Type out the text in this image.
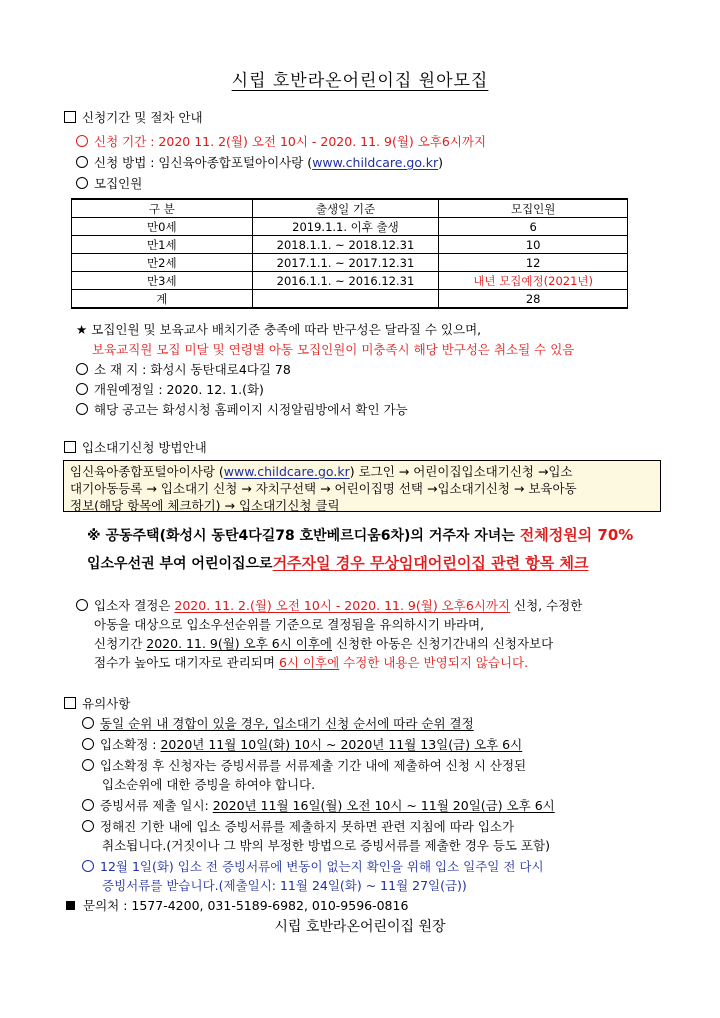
시립 호반라온어린이집 원아모집
신청기간 및 절차 안내
신청 기간 : 2020 11. 2(월) 오전 10시 - 2020. 11. 9(월) 오후6시까지
신청 방법 : 임신육아종합포털아이사랑 (www.childcare.go.kr)
모집인원
구 분	출생일 기준	모집인원
만0세	2019.1.1. 이후 출생	6
만1세	2018.1.1. ~ 2018.12.31	10
만2세	2017.1.1. ~ 2017.12.31	12
만3세	2016.1.1. ~ 2016.12.31	내년 모집예정(2021년)
계		28
★ 모집인원 및 보육교사 배치기준 충족에 따라 반구성은 달라질 수 있으며,
보육교직원 모집 미달 및 연령별 아동 모집인원이 미충족시 해당 반구성은 취소될 수 있음
소 재 지 : 화성시 동탄대로4다길 78
개원예정일 : 2020. 12. 1.(화)
해당 공고는 화성시청 홈페이지 시정알림방에서 확인 가능
입소대기신청 방법안내
임신육아종합포털아이사랑 (www.childcare.go.kr) 로그인 → 어린이집입소대기신청 →입소
대기아동등록 → 입소대기 신청 → 자치구선택 → 어린이집명 선택 →입소대기신청 → 보육아동
정보(해당 항목에 체크하기) → 입소대기신청 클릭
※ 공동주택(화성시 동탄4다길78 호반베르디움6차)의 거주자 자녀는 전체정원의 70%
입소우선권 부여 어린이집으로거주자일 경우 무상임대어린이집 관련 항목 체크
입소자 결정은 2020. 11. 2.(월) 오전 10시 - 2020. 11. 9(월) 오후6시까지 신청, 수정한
아동을 대상으로 입소우선순위를 기준으로 결정됨을 유의하시기 바라며,
신청기간 2020. 11. 9(월) 오후 6시 이후에 신청한 아동은 신청기간내의 신청자보다
점수가 높아도 대기자로 관리되며 6시 이후에 수정한 내용은 반영되지 않습니다.
유의사항
동일 순위 내 경합이 있을 경우, 입소대기 신청 순서에 따라 순위 결정
입소확정 : 2020년 11월 10일(화) 10시 ~ 2020년 11월 13일(금) 오후 6시
입소확정 후 신청자는 증빙서류를 서류제출 기간 내에 제출하여 신청 시 산정된
입소순위에 대한 증빙을 하여야 합니다.
증빙서류 제출 일시: 2020년 11월 16일(월) 오전 10시 ~ 11월 20일(금) 오후 6시
정해진 기한 내에 입소 증빙서류를 제출하지 못하면 관련 지침에 따라 입소가
취소됩니다.(거짓이나 그 밖의 부정한 방법으로 증빙서류를 제출한 경우 등도 포함)
12월 1일(화) 입소 전 증빙서류에 변동이 없는지 확인을 위해 입소 일주일 전 다시
증빙서류를 받습니다.(제출일시: 11월 24일(화) ~ 11월 27일(금))
문의처 : 1577-4200, 031-5189-6982, 010-9596-0816
시립 호반라온어린이집 원장
